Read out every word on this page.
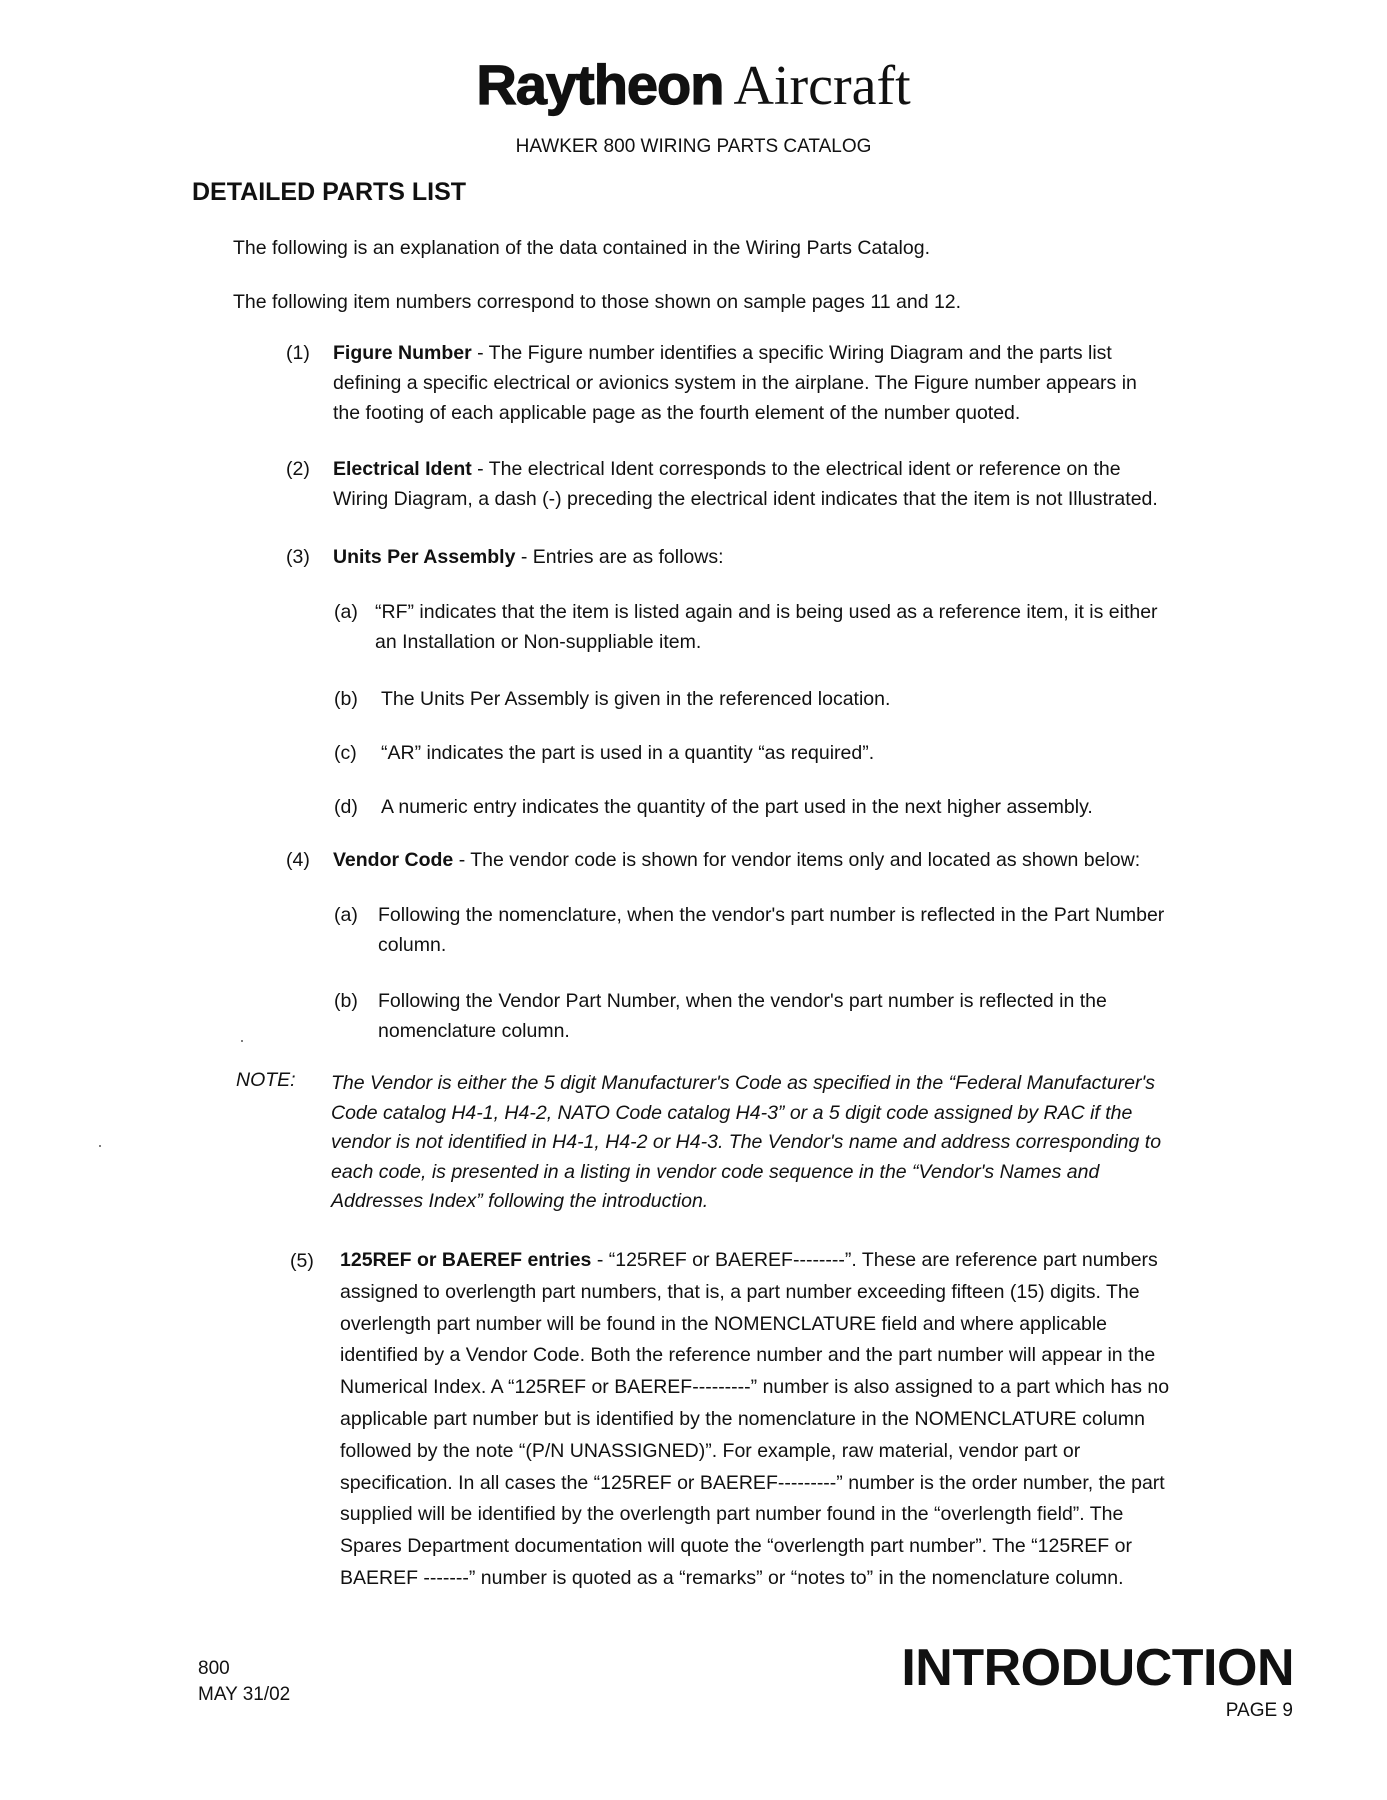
Raytheon Aircraft
HAWKER 800 WIRING PARTS CATALOG
DETAILED PARTS LIST
The following is an explanation of the data contained in the Wiring Parts Catalog.
The following item numbers correspond to those shown on sample pages 11 and 12.
(1) Figure Number - The Figure number identifies a specific Wiring Diagram and the parts list
defining a specific electrical or avionics system in the airplane. The Figure number appears in
the footing of each applicable page as the fourth element of the number quoted.
(2) Electrical Ident - The electrical Ident corresponds to the electrical ident or reference on the
Wiring Diagram, a dash (-) preceding the electrical ident indicates that the item is not Illustrated.
(3) Units Per Assembly - Entries are as follows:
(a) “RF” indicates that the item is listed again and is being used as a reference item, it is either
an Installation or Non-suppliable item.
(b) The Units Per Assembly is given in the referenced location.
(c) “AR” indicates the part is used in a quantity “as required”.
(d) A numeric entry indicates the quantity of the part used in the next higher assembly.
(4) Vendor Code - The vendor code is shown for vendor items only and located as shown below:
(a) Following the nomenclature, when the vendor's part number is reflected in the Part Number
column.
(b) Following the Vendor Part Number, when the vendor's part number is reflected in the
nomenclature column.
NOTE: The Vendor is either the 5 digit Manufacturer's Code as specified in the “Federal Manufacturer's
Code catalog H4-1, H4-2, NATO Code catalog H4-3” or a 5 digit code assigned by RAC if the
vendor is not identified in H4-1, H4-2 or H4-3. The Vendor's name and address corresponding to
each code, is presented in a listing in vendor code sequence in the “Vendor's Names and
Addresses Index” following the introduction.
(5) 125REF or BAEREF entries - “125REF or BAEREF--------”. These are reference part numbers
assigned to overlength part numbers, that is, a part number exceeding fifteen (15) digits. The
overlength part number will be found in the NOMENCLATURE field and where applicable
identified by a Vendor Code. Both the reference number and the part number will appear in the
Numerical Index. A “125REF or BAEREF---------” number is also assigned to a part which has no
applicable part number but is identified by the nomenclature in the NOMENCLATURE column
followed by the note “(P/N UNASSIGNED)”. For example, raw material, vendor part or
specification. In all cases the “125REF or BAEREF---------” number is the order number, the part
supplied will be identified by the overlength part number found in the “overlength field”. The
Spares Department documentation will quote the “overlength part number”. The “125REF or
BAEREF -------” number is quoted as a “remarks” or “notes to” in the nomenclature column.
800
MAY 31/02	INTRODUCTION
PAGE 9
